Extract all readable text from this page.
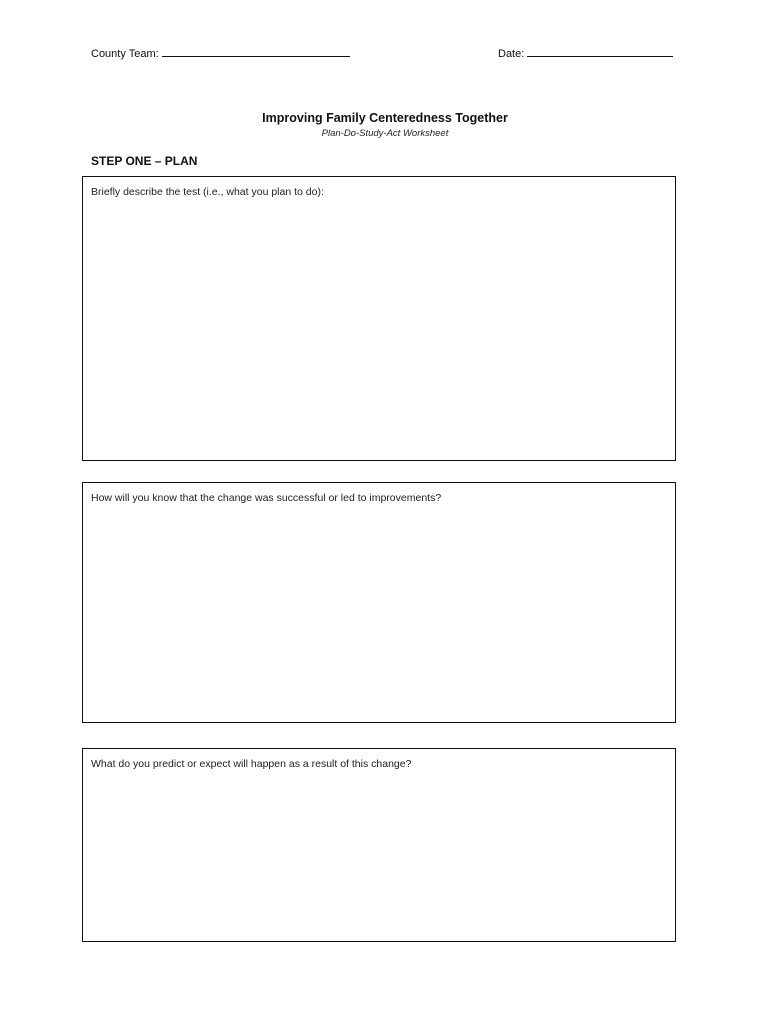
County Team:	Date:
Improving Family Centeredness Together
Plan-Do-Study-Act Worksheet
STEP ONE – PLAN
Briefly describe the test (i.e., what you plan to do):
How will you know that the change was successful or led to improvements?
What do you predict or expect will happen as a result of this change?
